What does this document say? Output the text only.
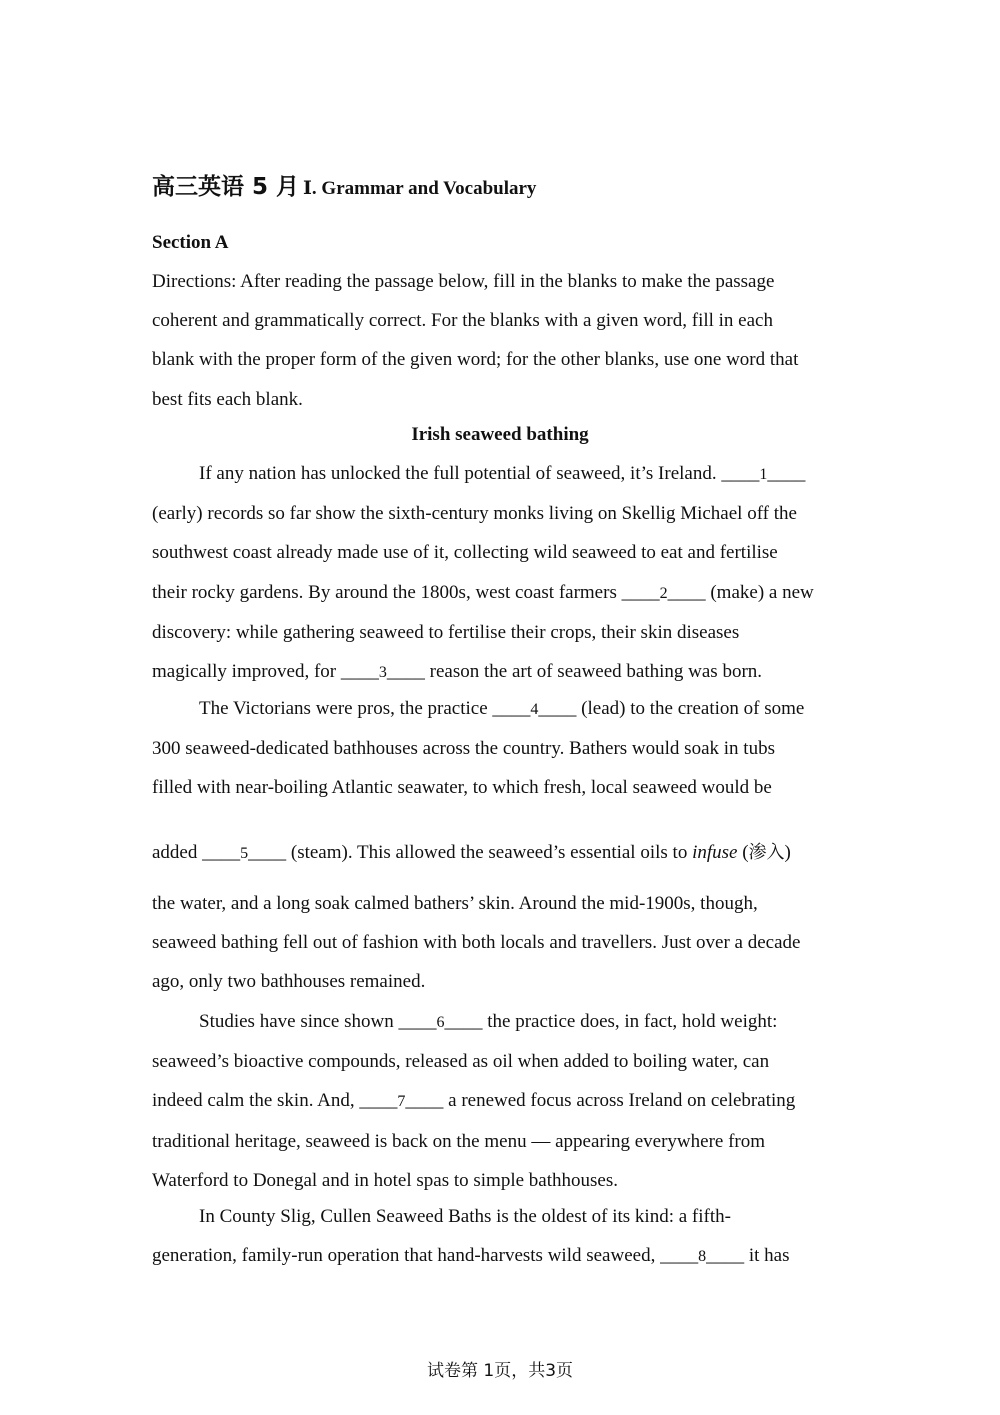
高三英语 5 月 Ⅰ. Grammar and Vocabulary
Section A
Directions: After reading the passage below, fill in the blanks to make the passage
coherent and grammatically correct. For the blanks with a given word, fill in each
blank with the proper form of the given word; for the other blanks, use one word that
best fits each blank.
Irish seaweed bathing
If any nation has unlocked the full potential of seaweed, it’s Ireland. ____1____
(early) records so far show the sixth-century monks living on Skellig Michael off the
southwest coast already made use of it, collecting wild seaweed to eat and fertilise
their rocky gardens. By around the 1800s, west coast farmers ____2____ (make) a new
discovery: while gathering seaweed to fertilise their crops, their skin diseases
magically improved, for ____3____ reason the art of seaweed bathing was born.
The Victorians were pros, the practice ____4____ (lead) to the creation of some
300 seaweed-dedicated bathhouses across the country. Bathers would soak in tubs
filled with near-boiling Atlantic seawater, to which fresh, local seaweed would be
added ____5____ (steam). This allowed the seaweed’s essential oils to infuse (渗入)
the water, and a long soak calmed bathers’ skin. Around the mid-1900s, though,
seaweed bathing fell out of fashion with both locals and travellers. Just over a decade
ago, only two bathhouses remained.
Studies have since shown ____6____ the practice does, in fact, hold weight:
seaweed’s bioactive compounds, released as oil when added to boiling water, can
indeed calm the skin. And, ____7____ a renewed focus across Ireland on celebrating
traditional heritage, seaweed is back on the menu — appearing everywhere from
Waterford to Donegal and in hotel spas to simple bathhouses.
In County Slig, Cullen Seaweed Baths is the oldest of its kind: a fifth-
generation, family-run operation that hand-harvests wild seaweed, ____8____ it has
试卷第 1页，共3页
